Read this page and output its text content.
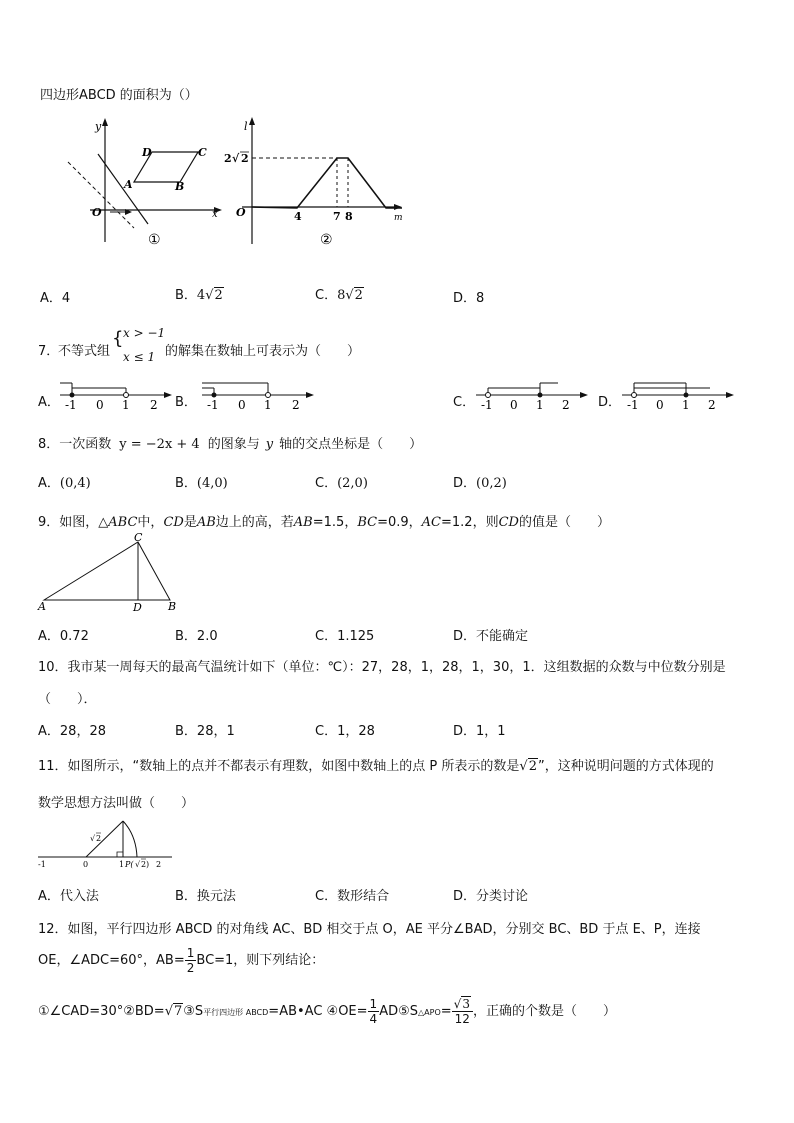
四边形ABCD 的面积为（）
y
D	C
A	B
O	x
①
l
2 √ 2
O	4	7 8	m
②
A．4	B．4√2	C．8√2	D．8
7．
不等式组
{ x > −1
x ≤ 1 的解集在数轴上可表示为（　　）
A．	B．	C．	D．
-1 0 1 2	-1 0 1 2	-1 0 1 2	-1 0 1 2
8．一次函数 y = −2x + 4 的图象与 y 轴的交点坐标是（　　）
A．(0,4)	B．(4,0)	C．(2,0)	D．(0,2)
9．如图，△ABC中，CD是AB边上的高，若AB=1.5，BC=0.9，AC=1.2，则CD的值是（　　）
C
A	D B
A．0.72	B．2.0	C．1.125	D．不能确定
10．我市某一周每天的最高气温统计如下（单位：℃）：27，28，1，28，1，30，1．这组数据的众数与中位数分别是
（　　）．
A．28，28	B．28，1	C．1，28	D．1，1
11．如图所示，“数轴上的点并不都表示有理数，如图中数轴上的点 P 所表示的数是√2”，这种说明问题的方式体现的
数学思想方法叫做（　　）
-1	0	1 P( √ 2 ) 2
√ 2
A．代入法	B．换元法	C．数形结合	D．分类讨论
12．如图，平行四边形 ABCD 的对角线 AC、BD 相交于点 O，AE 平分∠BAD，分别交 BC、BD 于点 E、P，连接
OE，∠ADC=60°，$AB= \frac{1}{2} BC=1$，则下列结论：
①∠CAD=30°②BD=√7③S平行四边形 ABCD=AB•AC ④OE= $\frac{1}{4}$ AD⑤S△APO= $\frac{√3}{12}$ ，正确的个数是（　　）
